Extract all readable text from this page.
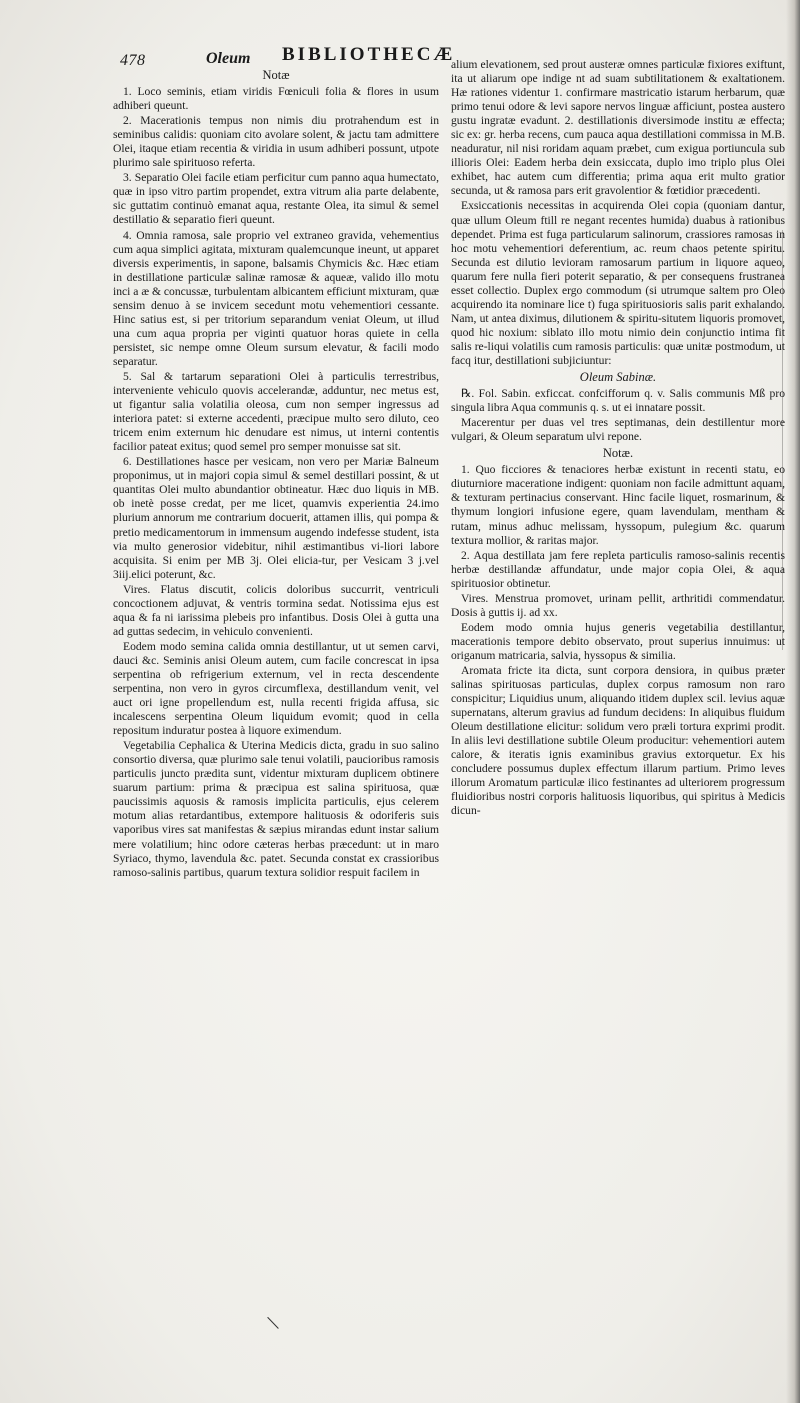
478	Oleum BIBLIOTHECÆ

Notæ

1. Loco seminis, etiam viridis Fœniculi folia & flores in usum adhiberi queunt.

2. Macerationis tempus non nimis diu protrahendum est in seminibus calidis: quoniam cito avolare solent, & jactu tam admittere Olei, itaque etiam recentia & viridia in usum adhiberi possunt, utpote plurimo sale spirituoso referta.

3. Separatio Olei facile etiam perficitur cum panno aqua humectato, quæ in ipso vitro partim propendet, extra vitrum alia parte delabente, sic guttatim continuò emanat aqua, restante Olea, ita simul & semel destillatio & separatio fieri queunt.

4. Omnia ramosa, sale proprio vel extraneo gravida, vehementius cum aqua simplici agitata, mixturam qualemcunque ineunt, ut apparet diversis experimentis, in sapone, balsamis Chymicis &c. Hæc etiam in destillatione particulæ salinæ ramosæ & aqueæ, valido illo motu inci a æ & concussæ, turbulentam albicantem efficiunt mixturam, quæ sensim denuo à se invicem secedunt motu vehementiori cessante. Hinc satius est, si per tritorium separandum veniat Oleum, ut illud una cum aqua propria per viginti quatuor horas quiete in cella persistet, sic nempe omne Oleum sursum elevatur, & facili modo separatur.

5. Sal & tartarum separationi Olei à particulis terrestribus, interveniente vehiculo quovis accelerandæ, adduntur, nec metus est, ut figantur salia volatilia oleosa, cum non semper ingressus ad interiora patet: si externe accedenti, præcipue multo sero diluto, ceo tricem enim externum hic denudare est nimus, ut interni contentis facilior pateat exitus; quod semel pro semper monuisse sat sit.

6. Destillationes hasce per vesicam, non vero per Mariæ Balneum proponimus, ut in majori copia simul & semel destillari possint, & ut quantitas Olei multo abundantior obtineatur. Hæc duo liquis in MB. ob inetè posse credat, per me licet, quamvis experientia 24.imo plurium annorum me contrarium docuerit, attamen illis, qui pompa & pretio medicamentorum in immensum augendo indefesse student, ista via multo generosior videbitur, nihil æstimantibus vi-liori labore acquisita. Si enim per MB 3j. Olei elicia-tur, per Vesicam 3 j.vel 3iij.elici poterunt, &c.

Vires. Flatus discutit, colicis doloribus succurrit, ventriculi concoctionem adjuvat, & ventris tormina sedat. Notissima ejus est aqua & fa ni iarissima plebeis pro infantibus. Dosis Olei à gutta una ad guttas sedecim, in vehiculo convenienti.

Eodem modo semina calida omnia destillantur, ut ut semen carvi, dauci &c. Seminis anisi Oleum autem, cum facile concrescat in ipsa serpentina ob refrigerium externum, vel in recta descendente serpentina, non vero in gyros circumflexa, destillandum venit, vel auct ori igne propellendum est, nulla recenti frigida affusa, sic incalescens serpentina Oleum liquidum evomit; quod in cella repositum induratur postea à liquore eximendum.

Vegetabilia Cephalica & Uterina Medicis dicta, gradu in suo salino consortio diversa, quæ plurimo sale tenui volatili, paucioribus ramosis particulis juncto prædita sunt, videntur mixturam duplicem obtinere suarum partium: prima & præcipua est salina spirituosa, quæ paucissimis aquosis & ramosis implicita particulis, ejus celerem motum alias retardantibus, extempore halituosis & odoriferis suis vaporibus vires sat manifestas & sæpius mirandas edunt instar salium mere volatilium; hinc odore cæteras herbas præcedunt: ut in maro Syriaco, thymo, lavendula &c. patet. Secunda constat ex crassioribus ramoso-salinis partibus, quarum textura solidior respuit facilem in

alium elevationem, sed prout austeræ omnes particulæ fixiores exiftunt, ita ut aliarum ope indige nt ad suam subtilitationem & exaltationem. Hæ rationes videntur 1. confirmare mastricatio istarum herbarum, quæ primo tenui odore & levi sapore nervos linguæ afficiunt, postea austero gustu ingratæ evadunt. 2. destillationis diversimode institu æ effecta; sic ex: gr. herba recens, cum pauca aqua destillationi commissa in M.B. neaduratur, nil nisi roridam aquam præbet, cum exigua portiuncula sub illioris Olei: Eadem herba dein exsiccata, duplo imo triplo plus Olei exhibet, hac autem cum differentia; prima aqua erit multo gratior secunda, ut & ramosa pars erit gravolentior & fœtidior præcedenti.

Exsiccationis necessitas in acquirenda Olei copia (quoniam dantur, quæ ullum Oleum ftill re negant recentes humida) duabus à rationibus dependet. Prima est fuga particularum salinorum, crassiores ramosas in hoc motu vehementiori deferentium, ac. reum chaos petente spiritu. Secunda est dilutio levioram ramosarum partium in liquore aqueo, quarum fere nulla fieri poterit separatio, & per consequens frustranea esset collectio. Duplex ergo commodum (si utrumque saltem pro Oleo acquirendo ita nominare lice t) fuga spirituosioris salis parit exhalando. Nam, ut antea diximus, dilutionem & spiritu-situtem liquoris promovet, quod hic noxium: siblato illo motu nimio dein conjunctio intima fit salis re-liqui volatilis cum ramosis particulis: quæ unitæ postmodum, ut facq itur, destillationi subjiciuntur:

Oleum Sabinæ.

℞. Fol. Sabin. exficcat. confcifforum q. v. Salis communis Mß pro singula libra Aqua communis q. s. ut ei innatare possit.

Macerentur per duas vel tres septimanas, dein destillentur more vulgari, & Oleum separatum ulvi repone.

Notæ.

1. Quo ficciores & tenaciores herbæ existunt in recenti statu, eo diuturniore maceratione indigent: quoniam non facile admittunt aquam, & texturam pertinacius conservant. Hinc facile liquet, rosmarinum, & thymum longiori infusione egere, quam lavendulam, mentham & rutam, minus adhuc melissam, hyssopum, pulegium &c. quarum textura mollior, & raritas major.

2. Aqua destillata jam fere repleta particulis ramoso-salinis recentis herbæ destillandæ affundatur, unde major copia Olei, & aqua spirituosior obtinetur.

Vires. Menstrua promovet, urinam pellit, arthritidi commendatur. Dosis à guttis ij. ad xx.

Eodem modo omnia hujus generis vegetabilia destillantur, macerationis tempore debito observato, prout superius innuimus: ut origanum matricaria, salvia, hyssopus & similia.

Aromata fricte ita dicta, sunt corpora densiora, in quibus præter salinas spirituosas particulas, duplex corpus ramosum non raro conspicitur; Liquidius unum, aliquando itidem duplex scil. levius aquæ supernatans, alterum gravius ad fundum decidens: In aliquibus fluidum Oleum destillatione elicitur: solidum vero præli tortura exprimi prodit. In aliis levi destillatione subtile Oleum producitur: vehementiori autem calore, & iteratis ignis examinibus gravius extorquetur. Ex his concludere possumus duplex effectum illarum partium. Primo leves illorum Aromatum particulæ ilico festinantes ad ulteriorem progressum fluidioribus nostri corporis halituosis liquoribus, qui spiritus à Medicis dicun-

\
